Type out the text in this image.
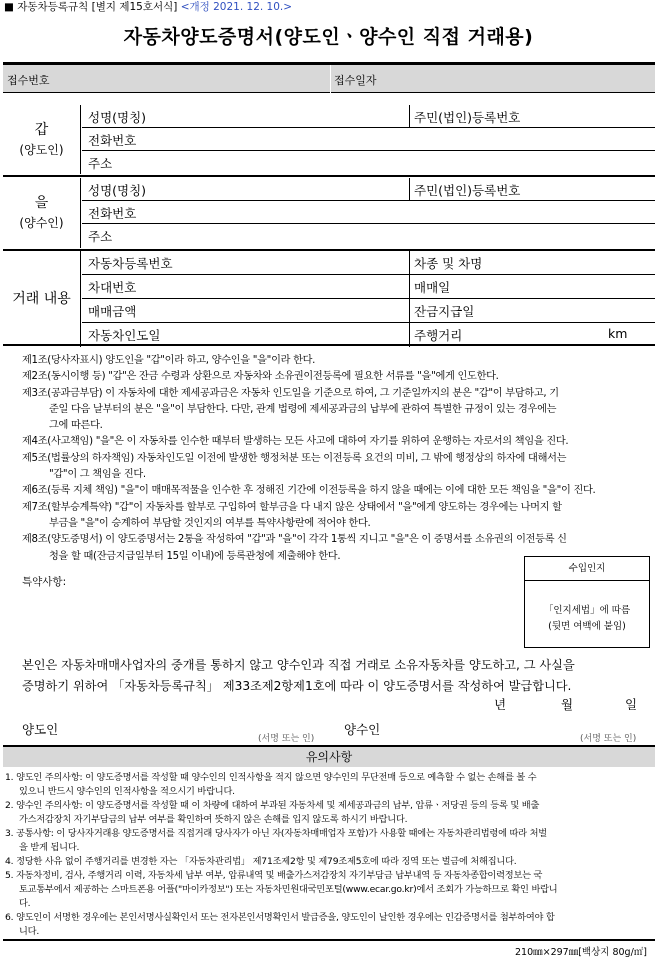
■ 자동차등록규칙 [별지 제15호서식] <개정 2021. 12. 10.>
자동차양도증명서(양도인ㆍ양수인 직접 거래용)
접수번호	접수일자
갑
(양도인)
성명(명칭)	주민(법인)등록번호
전화번호
주소
을
(양수인)
성명(명칭)	주민(법인)등록번호
전화번호
주소
거래 내용
자동차등록번호	차종 및 차명
차대번호	매매일
매매금액	잔금지급일
자동차인도일	주행거리	km

제1조(당사자표시) 양도인을 "갑"이라 하고, 양수인을 "을"이라 한다.

제2조(동시이행 등) "갑"은 잔금 수령과 상환으로 자동차와 소유권이전등록에 필요한 서류를 "을"에게 인도한다.

제3조(공과금부담) 이 자동차에 대한 제세공과금은 자동차 인도일을 기준으로 하여, 그 기준일까지의 분은 "갑"이 부담하고, 기

준일 다음 날부터의 분은 "을"이 부담한다. 다만, 관계 법령에 제세공과금의 납부에 관하여 특별한 규정이 있는 경우에는

그에 따른다.

제4조(사고책임) "을"은 이 자동차를 인수한 때부터 발생하는 모든 사고에 대하여 자기를 위하여 운행하는 자로서의 책임을 진다.

제5조(법률상의 하자책임) 자동차인도일 이전에 발생한 행정처분 또는 이전등록 요건의 미비, 그 밖에 행정상의 하자에 대해서는

"갑"이 그 책임을 진다.

제6조(등록 지체 책임) "을"이 매매목적물을 인수한 후 정해진 기간에 이전등록을 하지 않을 때에는 이에 대한 모든 책임을 "을"이 진다.

제7조(할부승계특약) "갑"이 자동차를 할부로 구입하여 할부금을 다 내지 않은 상태에서 "을"에게 양도하는 경우에는 나머지 할

부금을 "을"이 승계하여 부담할 것인지의 여부를 특약사항란에 적어야 한다.

제8조(양도증명서) 이 양도증명서는 2통을 작성하여 "갑"과 "을"이 각각 1통씩 지니고 "을"은 이 증명서를 소유권의 이전등록 신

청을 할 때(잔금지급일부터 15일 이내)에 등록관청에 제출해야 한다.

특약사항:
수입인지
「인지세법」에 따름
(뒷면 여백에 붙임)

본인은 자동차매매사업자의 중개를 통하지 않고 양수인과 직접 거래로 소유자동차를 양도하고, 그 사실을

증명하기 위하여 「자동차등록규칙」 제33조제2항제1호에 따라 이 양도증명서를 작성하여 발급합니다.

년	월	일
양도인
(서명 또는 인)
양수인
(서명 또는 인)
유의사항

1. 양도인 주의사항: 이 양도증명서를 작성할 때 양수인의 인적사항을 적지 않으면 양수인의 무단전매 등으로 예측할 수 없는 손해를 볼 수

있으니 반드시 양수인의 인적사항을 적으시기 바랍니다.

2. 양수인 주의사항: 이 양도증명서를 작성할 때 이 차량에 대하여 부과된 자동차세 및 제세공과금의 납부, 압류ㆍ저당권 등의 등록 및 배출

가스저감장치 자기부담금의 납부 여부를 확인하여 뜻하지 않은 손해를 입지 않도록 하시기 바랍니다.

3. 공통사항: 이 당사자거래용 양도증명서를 직접거래 당사자가 아닌 자(자동차매매업자 포함)가 사용할 때에는 자동차관리법령에 따라 처벌

을 받게 됩니다.

4. 정당한 사유 없이 주행거리를 변경한 자는 「자동차관리법」 제71조제2항 및 제79조제5호에 따라 징역 또는 벌금에 처해집니다.

5. 자동차정비, 검사, 주행거리 이력, 자동차세 납부 여부, 압류내역 및 배출가스저감장치 자기부담금 납부내역 등 자동차종합이력정보는 국

토교통부에서 제공하는 스마트폰용 어플("마이카정보") 또는 자동차민원대국민포털(www.ecar.go.kr)에서 조회가 가능하므로 확인 바랍니

다.

6. 양도인이 서명한 경우에는 본인서명사실확인서 또는 전자본인서명확인서 발급증을, 양도인이 날인한 경우에는 인감증명서를 첨부하여야 합

니다.

210㎜×297㎜[백상지 80g/㎡]
